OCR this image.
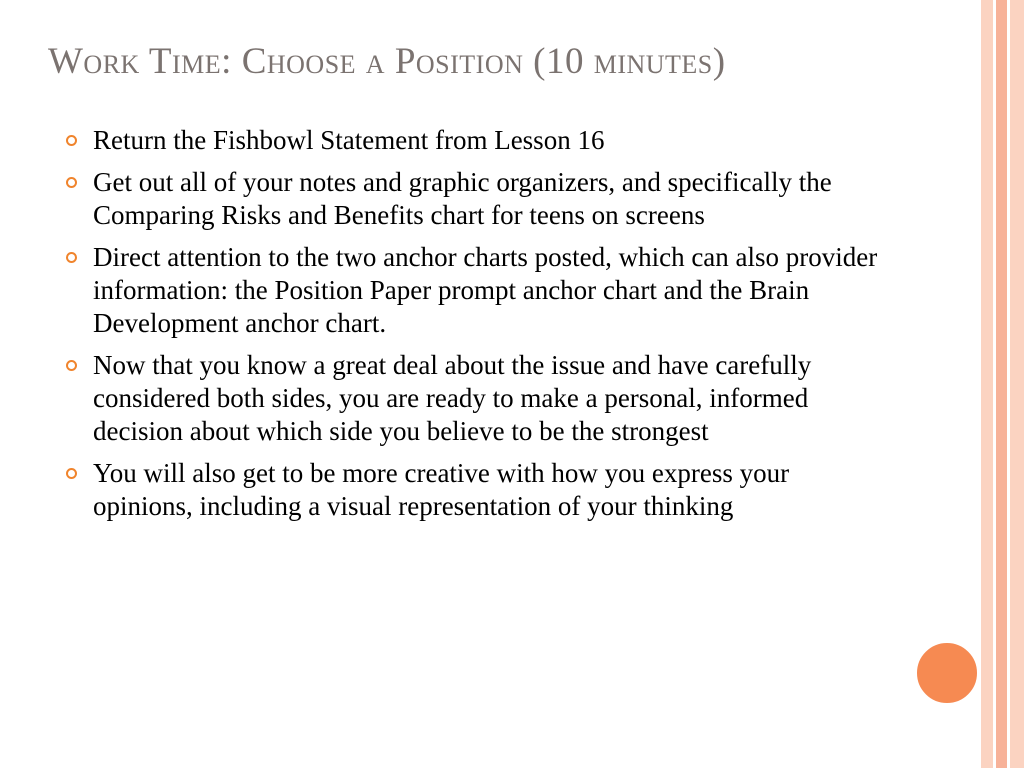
Work Time: Choose a Position (10 minutes)
Return the Fishbowl Statement from Lesson 16
Get out all of your notes and graphic organizers, and specifically the Comparing Risks and Benefits chart for teens on screens
Direct attention to the two anchor charts posted, which can also provider information: the Position Paper prompt anchor chart and the Brain Development anchor chart.
Now that you know a great deal about the issue and have carefully considered both sides, you are ready to make a personal, informed decision about which side you believe to be the strongest
You will also get to be more creative with how you express your opinions, including a visual representation of your thinking
